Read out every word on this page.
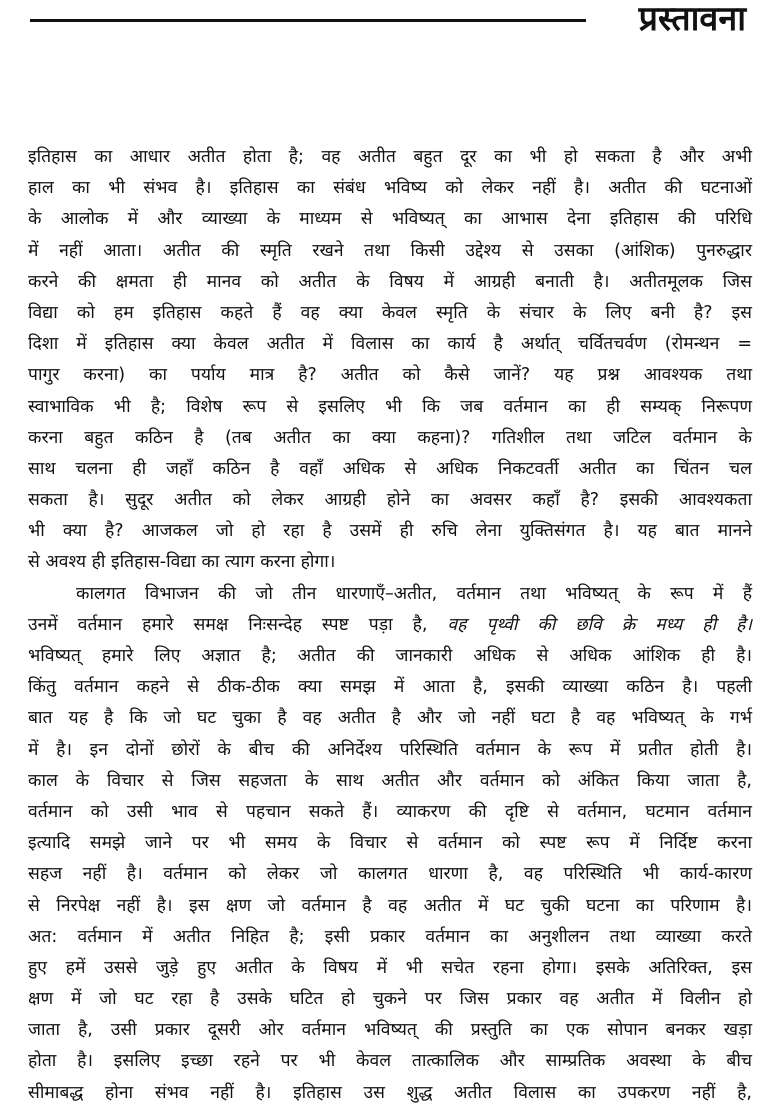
प्रस्तावना
इतिहास का आधार अतीत होता है; वह अतीत बहुत दूर का भी हो सकता है और अभी
हाल का भी संभव है। इतिहास का संबंध भविष्य को लेकर नहीं है। अतीत की घटनाओं
के आलोक में और व्याख्या के माध्यम से भविष्यत् का आभास देना इतिहास की परिधि
में नहीं आता। अतीत की स्मृति रखने तथा किसी उद्देश्य से उसका (आंशिक) पुनरुद्धार
करने की क्षमता ही मानव को अतीत के विषय में आग्रही बनाती है। अतीतमूलक जिस
विद्या को हम इतिहास कहते हैं वह क्या केवल स्मृति के संचार के लिए बनी है? इस
दिशा में इतिहास क्या केवल अतीत में विलास का कार्य है अर्थात् चर्वितचर्वण (रोमन्थन =
पागुर करना) का पर्याय मात्र है? अतीत को कैसे जानें? यह प्रश्न आवश्यक तथा
स्वाभाविक भी है; विशेष रूप से इसलिए भी कि जब वर्तमान का ही सम्यक् निरूपण
करना बहुत कठिन है (तब अतीत का क्या कहना)? गतिशील तथा जटिल वर्तमान के
साथ चलना ही जहाँ कठिन है वहाँ अधिक से अधिक निकटवर्ती अतीत का चिंतन चल
सकता है। सुदूर अतीत को लेकर आग्रही होने का अवसर कहाँ है? इसकी आवश्यकता
भी क्या है? आजकल जो हो रहा है उसमें ही रुचि लेना युक्तिसंगत है। यह बात मानने
से अवश्य ही इतिहास-विद्या का त्याग करना होगा।
कालगत विभाजन की जो तीन धारणाएँ–अतीत, वर्तमान तथा भविष्यत् के रूप में हैं
उनमें वर्तमान हमारे समक्ष निःसन्देह स्पष्ट पड़ा है, वह पृथ्वी की छवि क्रे मध्य ही है।
भविष्यत् हमारे लिए अज्ञात है; अतीत की जानकारी अधिक से अधिक आंशिक ही है।
किंतु वर्तमान कहने से ठीक-ठीक क्या समझ में आता है, इसकी व्याख्या कठिन है। पहली
बात यह है कि जो घट चुका है वह अतीत है और जो नहीं घटा है वह भविष्यत् के गर्भ
में है। इन दोनों छोरों के बीच की अनिर्देश्य परिस्थिति वर्तमान के रूप में प्रतीत होती है।
काल के विचार से जिस सहजता के साथ अतीत और वर्तमान को अंकित किया जाता है,
वर्तमान को उसी भाव से पहचान सकते हैं। व्याकरण की दृष्टि से वर्तमान, घटमान वर्तमान
इत्यादि समझे जाने पर भी समय के विचार से वर्तमान को स्पष्ट रूप में निर्दिष्ट करना
सहज नहीं है। वर्तमान को लेकर जो कालगत धारणा है, वह परिस्थिति भी कार्य-कारण
से निरपेक्ष नहीं है। इस क्षण जो वर्तमान है वह अतीत में घट चुकी घटना का परिणाम है।
अत: वर्तमान में अतीत निहित है; इसी प्रकार वर्तमान का अनुशीलन तथा व्याख्या करते
हुए हमें उससे जुड़े हुए अतीत के विषय में भी सचेत रहना होगा। इसके अतिरिक्त, इस
क्षण में जो घट रहा है उसके घटित हो चुकने पर जिस प्रकार वह अतीत में विलीन हो
जाता है, उसी प्रकार दूसरी ओर वर्तमान भविष्यत् की प्रस्तुति का एक सोपान बनकर खड़ा
होता है। इसलिए इच्छा रहने पर भी केवल तात्कालिक और साम्प्रतिक अवस्था के बीच
सीमाबद्ध होना संभव नहीं है। इतिहास उस शुद्ध अतीत विलास का उपकरण नहीं है,
